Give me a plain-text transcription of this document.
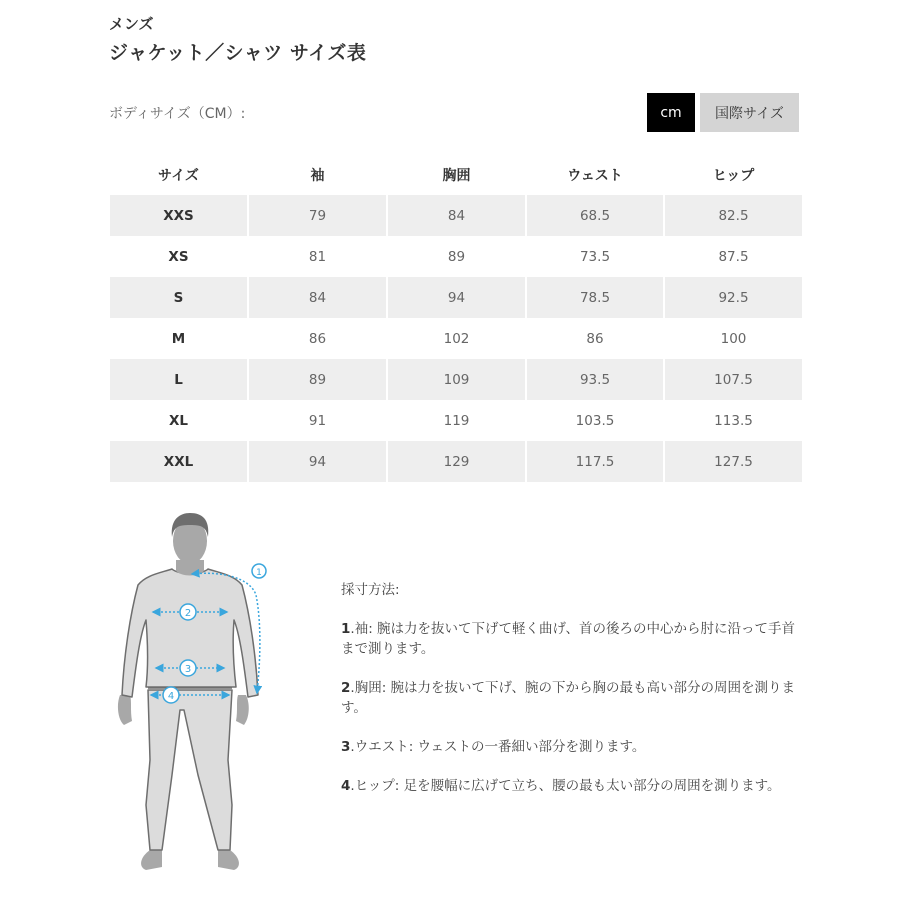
メンズ
ジャケット／シャツ サイズ表
ボディサイズ（CM）:	cm	国際サイズ
サイズ	袖	胸囲	ウェスト	ヒップ
XXS	79	84	68.5	82.5
XS	81	89	73.5	87.5
S	84	94	78.5	92.5
M	86	102	86	100
L	89	109	93.5	107.5
XL	91	119	103.5	113.5
XXL	94	129	117.5	127.5
1
2
3
4

採寸方法:

1.袖: 腕は力を抜いて下げて軽く曲げ、首の後ろの中心から肘に沿って手首まで測ります。

2.胸囲: 腕は力を抜いて下げ、腕の下から胸の最も高い部分の周囲を測ります。

3.ウエスト: ウェストの一番細い部分を測ります。

4.ヒップ: 足を腰幅に広げて立ち、腰の最も太い部分の周囲を測ります。
